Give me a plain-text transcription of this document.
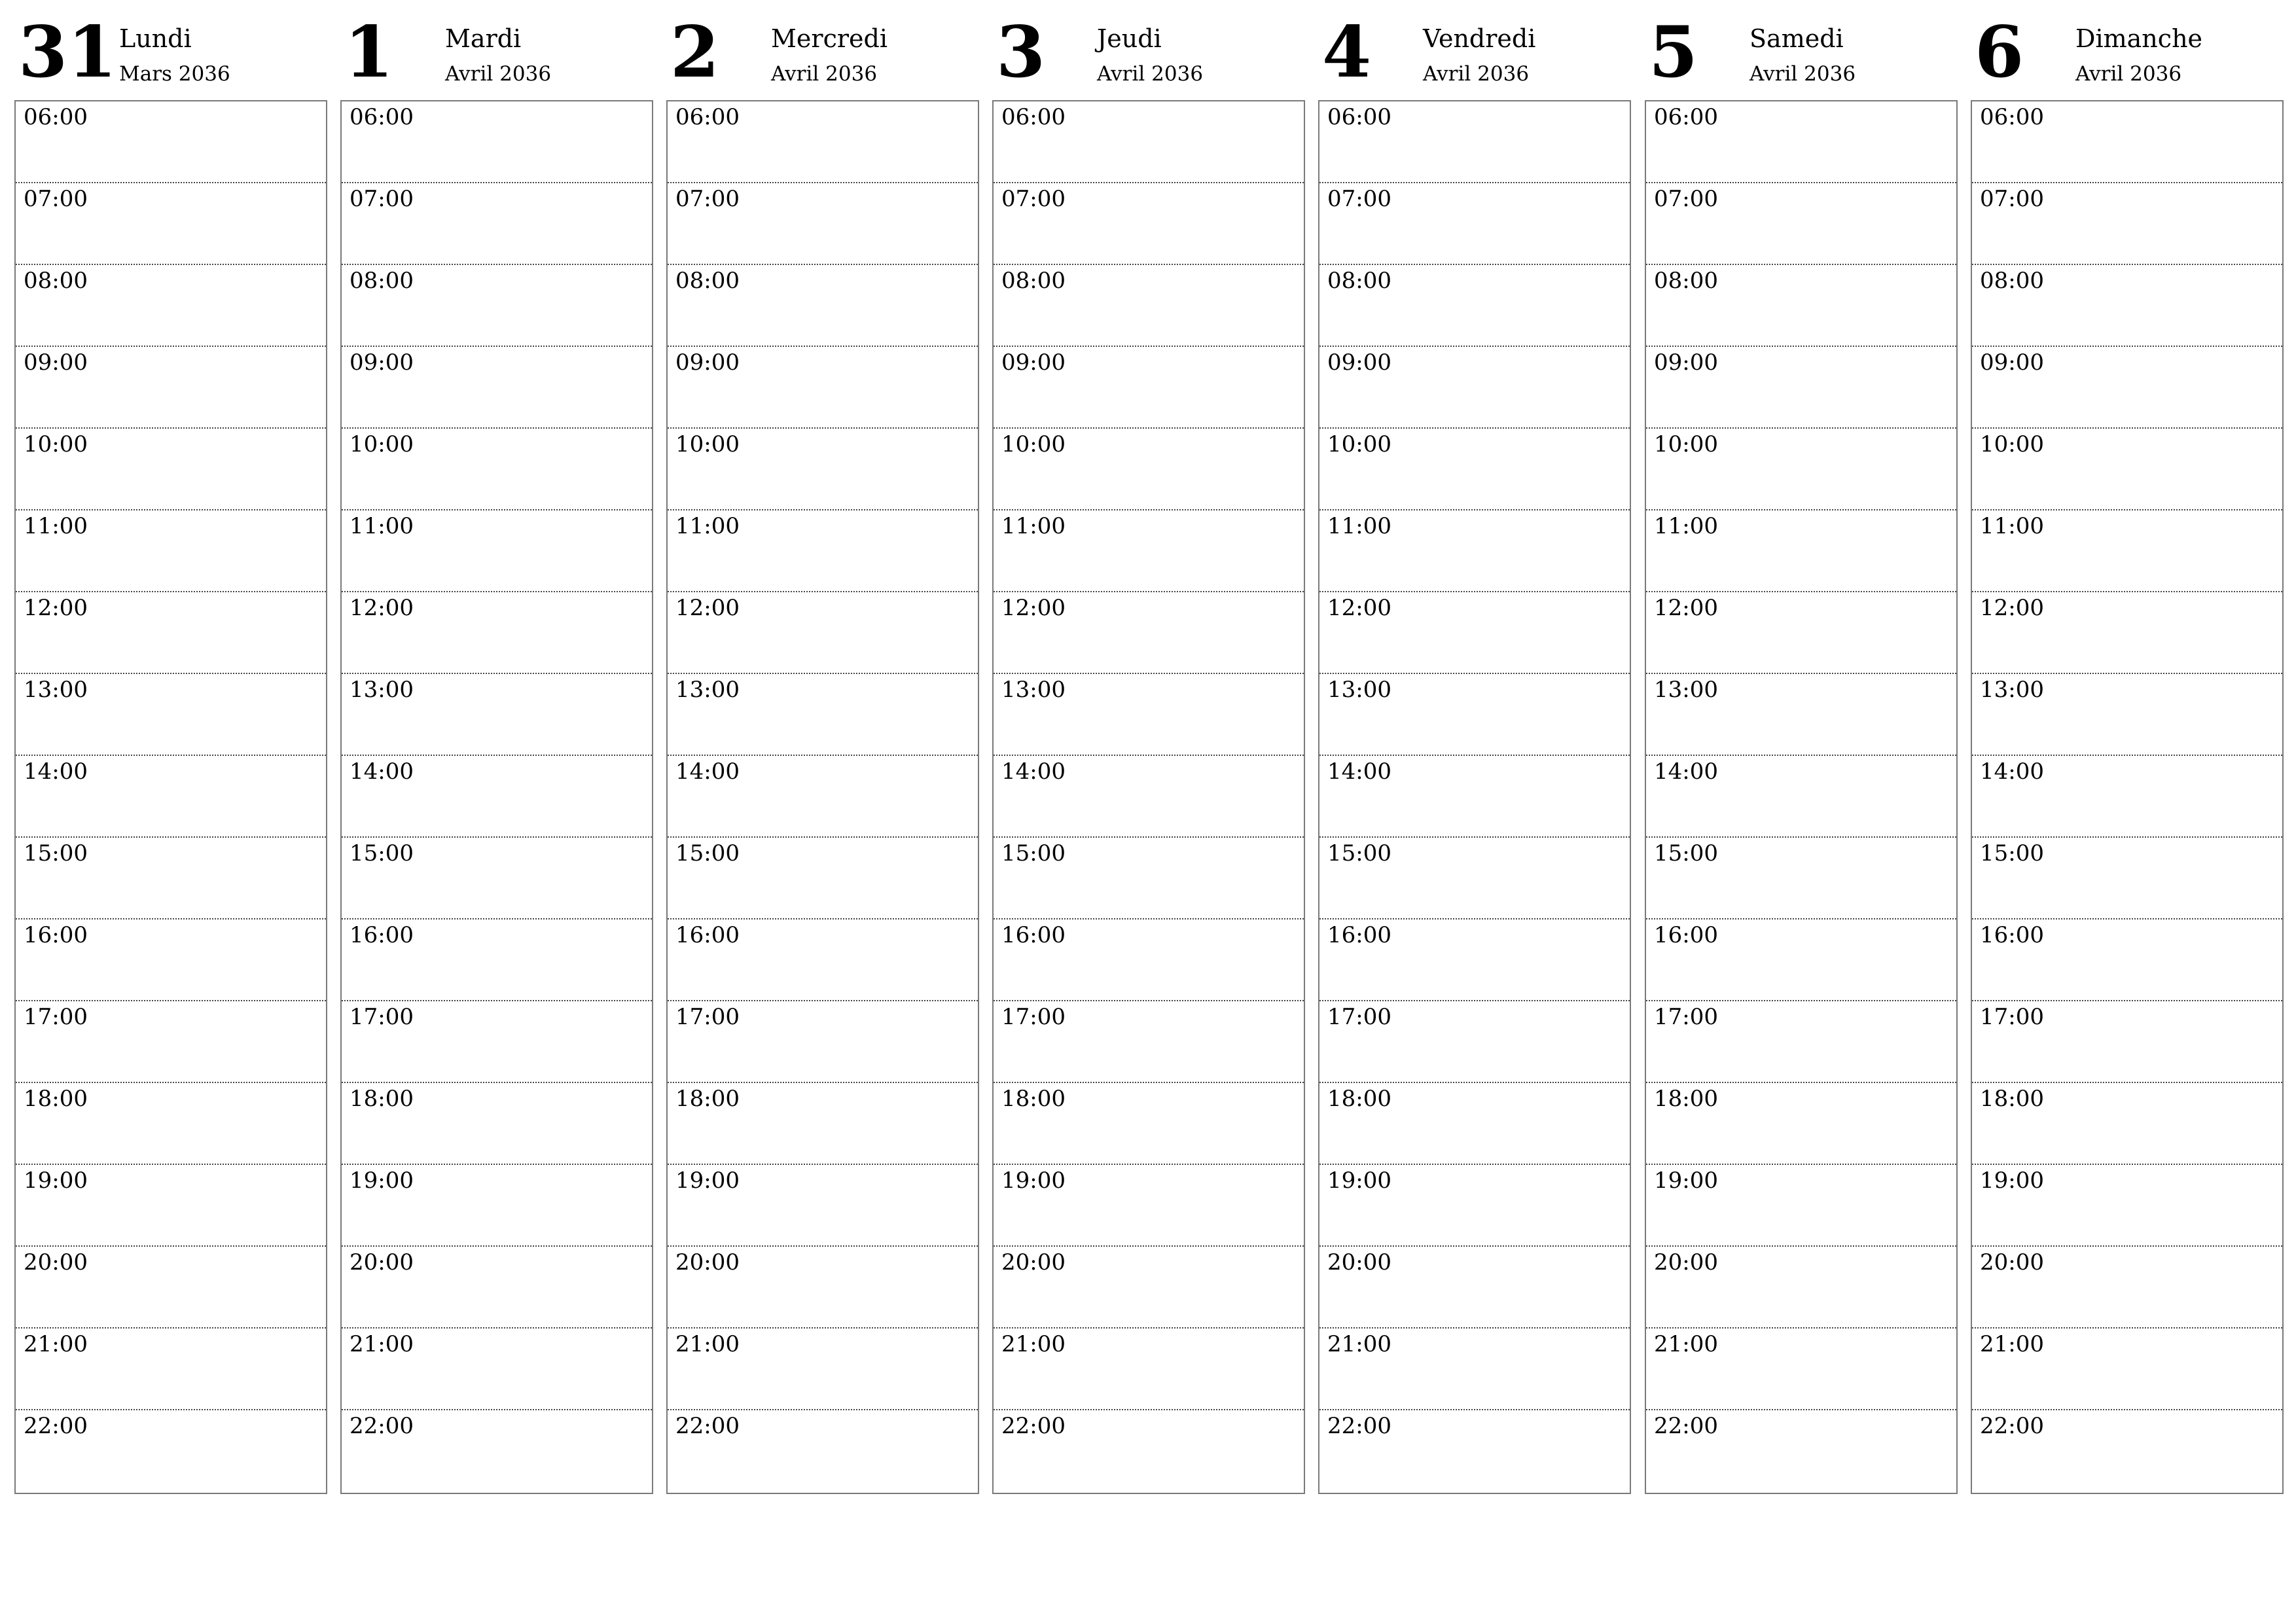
31 Lundi
Mars 2036
06:00
07:00
08:00
09:00
10:00
11:00
12:00
13:00
14:00
15:00
16:00
17:00
18:00
19:00
20:00
21:00
22:00
1 Mardi
Avril 2036
06:00
07:00
08:00
09:00
10:00
11:00
12:00
13:00
14:00
15:00
16:00
17:00
18:00
19:00
20:00
21:00
22:00
2 Mercredi
Avril 2036
06:00
07:00
08:00
09:00
10:00
11:00
12:00
13:00
14:00
15:00
16:00
17:00
18:00
19:00
20:00
21:00
22:00
3 Jeudi
Avril 2036
06:00
07:00
08:00
09:00
10:00
11:00
12:00
13:00
14:00
15:00
16:00
17:00
18:00
19:00
20:00
21:00
22:00
4 Vendredi
Avril 2036
06:00
07:00
08:00
09:00
10:00
11:00
12:00
13:00
14:00
15:00
16:00
17:00
18:00
19:00
20:00
21:00
22:00
5 Samedi
Avril 2036
06:00
07:00
08:00
09:00
10:00
11:00
12:00
13:00
14:00
15:00
16:00
17:00
18:00
19:00
20:00
21:00
22:00
6 Dimanche
Avril 2036
06:00
07:00
08:00
09:00
10:00
11:00
12:00
13:00
14:00
15:00
16:00
17:00
18:00
19:00
20:00
21:00
22:00
